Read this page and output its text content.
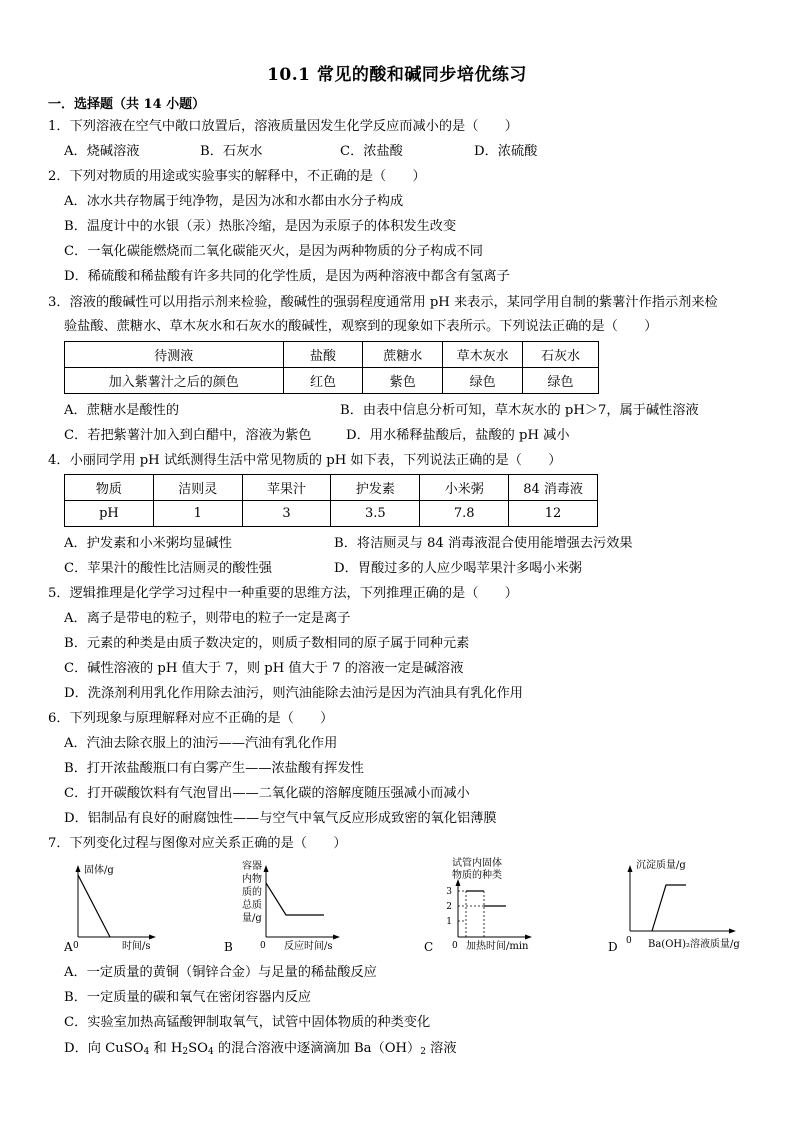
10.1 常见的酸和碱同步培优练习
一．选择题（共 14 小题）
1．下列溶液在空气中敞口放置后，溶液质量因发生化学反应而减小的是（　　）
A．烧碱溶液	B．石灰水	C．浓盐酸	D．浓硫酸
2．下列对物质的用途或实验事实的解释中，不正确的是（　　）
A．冰水共存物属于纯净物，是因为冰和水都由水分子构成
B．温度计中的水银（汞）热胀冷缩，是因为汞原子的体积发生改变
C．一氧化碳能燃烧而二氧化碳能灭火，是因为两种物质的分子构成不同
D．稀硫酸和稀盐酸有许多共同的化学性质，是因为两种溶液中都含有氢离子
3．溶液的酸碱性可以用指示剂来检验，酸碱性的强弱程度通常用 pH 来表示，某同学用自制的紫薯汁作指示剂来检
验盐酸、蔗糖水、草木灰水和石灰水的酸碱性，观察到的现象如下表所示。下列说法正确的是（　　）
待测液	盐酸	蔗糖水	草木灰水	石灰水
加入紫薯汁之后的颜色	红色	紫色	绿色	绿色
A．蔗糖水是酸性的	B．由表中信息分析可知，草木灰水的 pH＞7，属于碱性溶液
C．若把紫薯汁加入到白醋中，溶液为紫色	D．用水稀释盐酸后，盐酸的 pH 减小
4．小丽同学用 pH 试纸测得生活中常见物质的 pH 如下表，下列说法正确的是（　　）
物质	洁则灵	苹果汁	护发素	小米粥	84 消毒液
pH	1	3	3.5	7.8	12
A．护发素和小米粥均显碱性	B．将洁厕灵与 84 消毒液混合使用能增强去污效果
C．苹果汁的酸性比洁厕灵的酸性强	D．胃酸过多的人应少喝苹果汁多喝小米粥
5．逻辑推理是化学学习过程中一种重要的思维方法，下列推理正确的是（　　）
A．离子是带电的粒子，则带电的粒子一定是离子
B．元素的种类是由质子数决定的，则质子数相同的原子属于同种元素
C．碱性溶液的 pH 值大于 7，则 pH 值大于 7 的溶液一定是碱溶液
D．洗涤剂利用乳化作用除去油污，则汽油能除去油污是因为汽油具有乳化作用
6．下列现象与原理解释对应不正确的是（　　）
A．汽油去除衣服上的油污——汽油有乳化作用
B．打开浓盐酸瓶口有白雾产生——浓盐酸有挥发性
C．打开碳酸饮料有气泡冒出——二氧化碳的溶解度随压强减小而减小
D．铝制品有良好的耐腐蚀性——与空气中氧气反应形成致密的氧化铝薄膜
7．下列变化过程与图像对应关系正确的是（　　）
固体/g
时间/s
A 0
容器
内物
质的
总质
量/g
反应时间/s
B	0
1
2
3
试管内固体
物质的种类
加热时间/min
C 0
沉淀质量/g
Ba(OH)₂溶液质量/g
D 0
A．一定质量的黄铜（铜锌合金）与足量的稀盐酸反应
B．一定质量的碳和氧气在密闭容器内反应
C．实验室加热高锰酸钾制取氧气，试管中固体物质的种类变化
D．向 CuSO$_4$ 和 $H_2SO_4$ 的混合溶液中逐滴滴加 $Ba(OH)_2$ 溶液
